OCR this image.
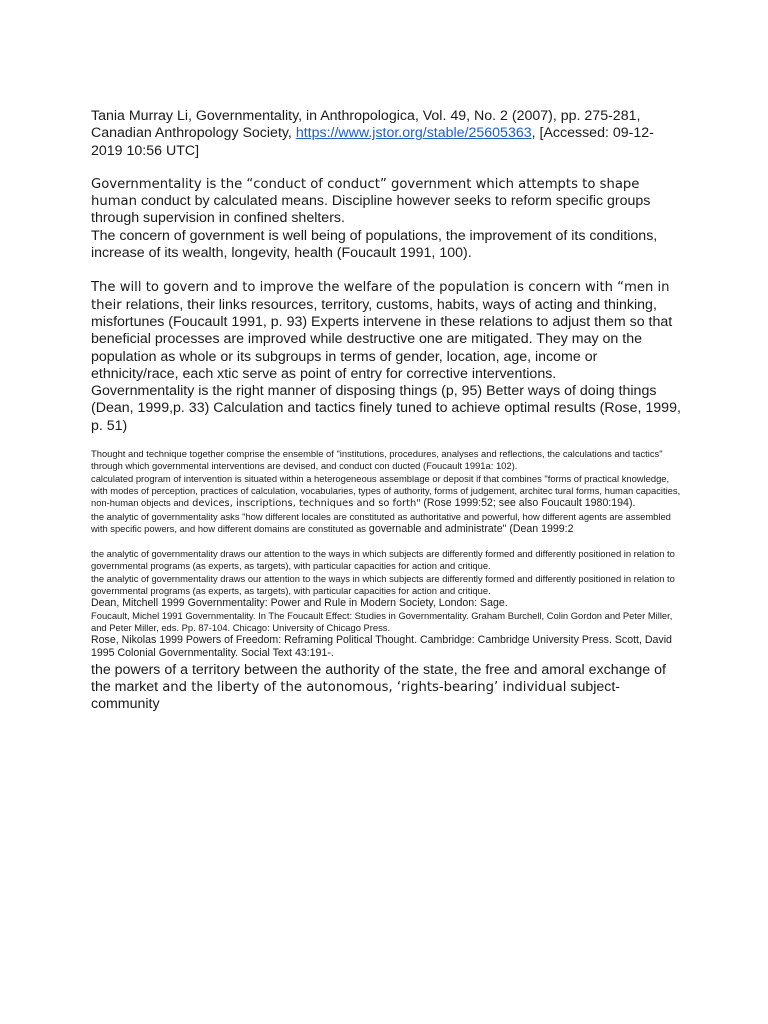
Tania Murray Li, Governmentality, in Anthropologica, Vol. 49, No. 2 (2007), pp. 275-281, Canadian Anthropology Society, https://www.jstor.org/stable/25605363, [Accessed: 09-12-2019 10:56 UTC]

Governmentality is the “conduct of conduct” government which attempts to shape human conduct by calculated means. Discipline however seeks to reform specific groups through supervision in confined shelters.

The concern of government is well being of populations, the improvement of its conditions, increase of its wealth, longevity, health (Foucault 1991, 100).

The will to govern and to improve the welfare of the population is concern with “men in their relations, their links resources, territory, customs, habits, ways of acting and thinking, misfortunes (Foucault 1991, p. 93) Experts intervene in these relations to adjust them so that beneficial processes are improved while destructive one are mitigated. They may on the population as whole or its subgroups in terms of gender, location, age, income or ethnicity/race, each xtic serve as point of entry for corrective interventions.

Governmentality is the right manner of disposing things (p, 95) Better ways of doing things (Dean, 1999,p. 33) Calculation and tactics finely tuned to achieve optimal results (Rose, 1999, p. 51)

Thought and technique together comprise the ensemble of "institutions, procedures, analyses and reflections, the calculations and tactics" through which governmental interventions are devised, and conduct con ducted (Foucault 1991a: 102).

calculated program of intervention is situated within a heterogeneous assemblage or deposit if that combines "forms of practical knowledge, with modes of perception, practices of calculation, vocabularies, types of authority, forms of judgement, architec tural forms, human capacities, non-human objects and devices, inscriptions, techniques and so forth" (Rose 1999:52; see also Foucault 1980:194).

the analytic of governmentality asks "how different locales are constituted as authoritative and powerful, how different agents are assembled with specific powers, and how different domains are constituted as governable and administrate" (Dean 1999:2

the analytic of governmentality draws our attention to the ways in which subjects are differently formed and differently positioned in relation to governmental programs (as experts, as targets), with particular capacities for action and critique.

the analytic of governmentality draws our attention to the ways in which subjects are differently formed and differently positioned in relation to governmental programs (as experts, as targets), with particular capacities for action and critique.

Dean, Mitchell 1999 Governmentality: Power and Rule in Modern Society, London: Sage.

Foucault, Michel 1991 Governmentality. In The Foucault Effect: Studies in Governmentality. Graham Burchell, Colin Gordon and Peter Miller, and Peter Miller, eds. Pp. 87-104. Chicago: University of Chicago Press.

Rose, Nikolas 1999 Powers of Freedom: Reframing Political Thought. Cambridge: Cambridge University Press. Scott, David 1995 Colonial Governmentality. Social Text 43:191-.

the powers of a territory between the authority of the state, the free and amoral exchange of the market and the liberty of the autonomous, ‘rights-bearing’ individual subject- community
